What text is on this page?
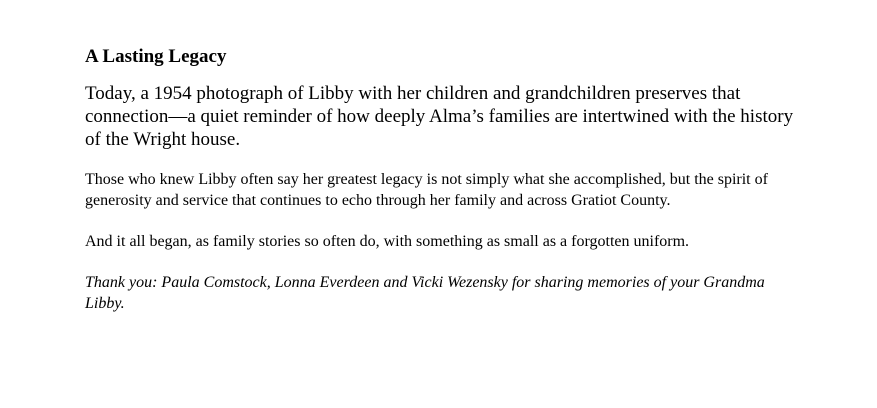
A Lasting Legacy

Today, a 1954 photograph of Libby with her children and grandchildren preserves that connection—a quiet reminder of how deeply Alma’s families are intertwined with the history of the Wright house.

Those who knew Libby often say her greatest legacy is not simply what she accomplished, but the spirit of generosity and service that continues to echo through her family and across Gratiot County.

And it all began, as family stories so often do, with something as small as a forgotten uniform.

Thank you: Paula Comstock, Lonna Everdeen and Vicki Wezensky for sharing memories of your Grandma Libby.
